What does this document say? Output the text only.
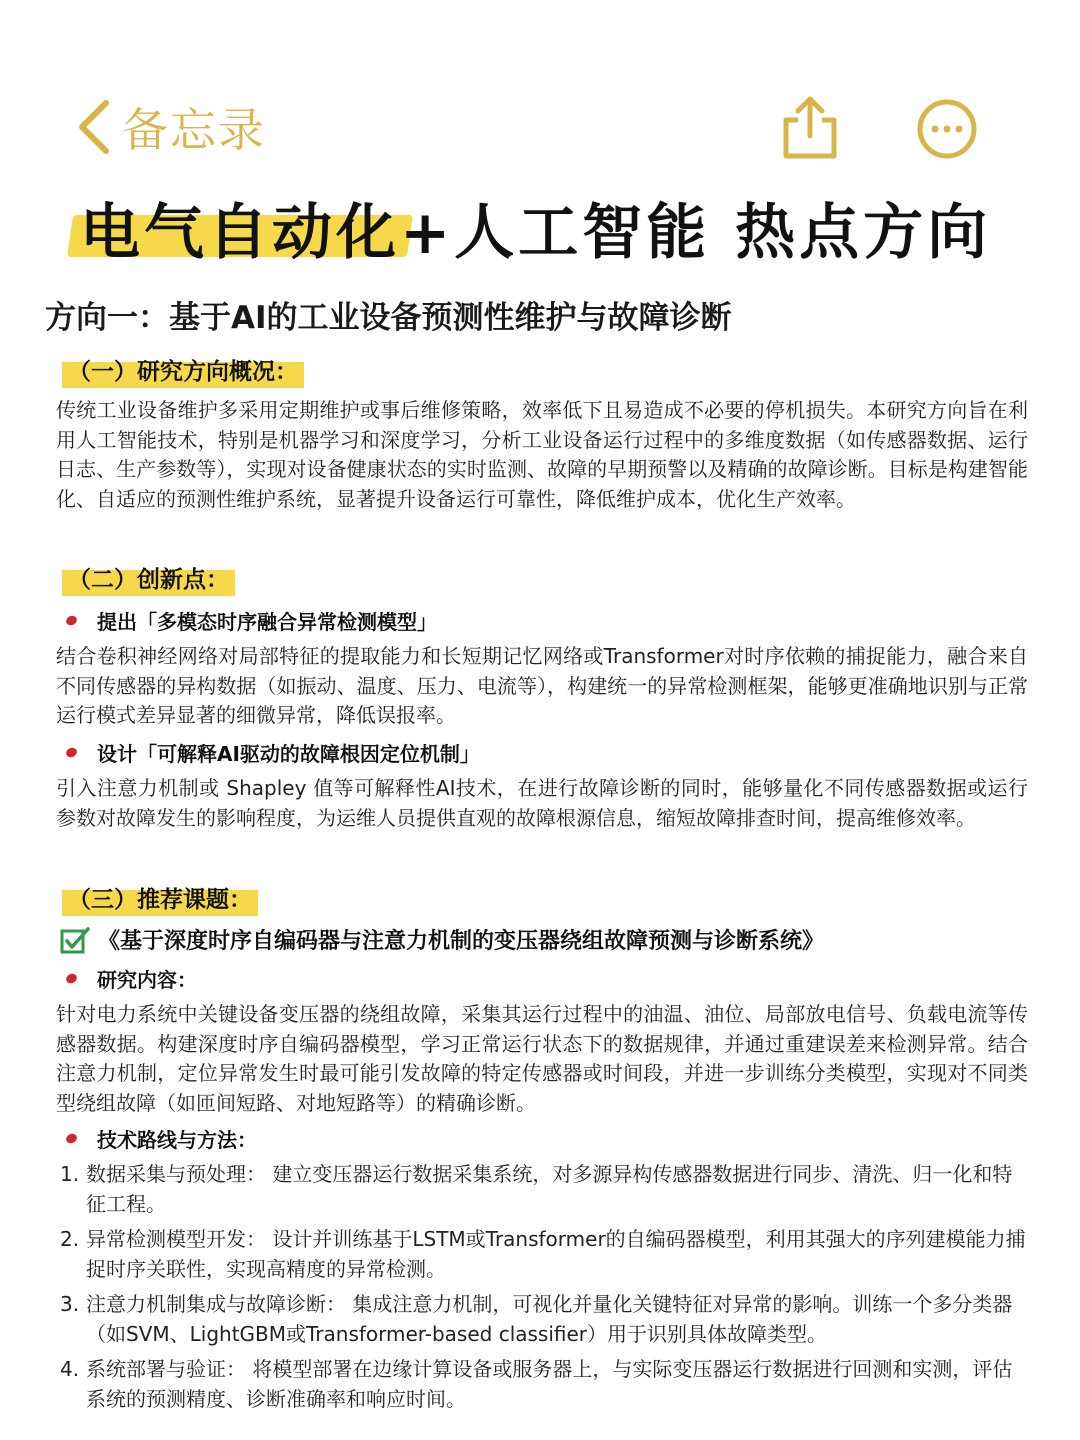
备忘录
电气自动化+人工智能 热点方向
方向一：基于AI的工业设备预测性维护与故障诊断
（一）研究方向概况：
传统工业设备维护多采用定期维护或事后维修策略，效率低下且易造成不必要的停机损失。本研究方向旨在利用人工智能技术，特别是机器学习和深度学习，分析工业设备运行过程中的多维度数据（如传感器数据、运行日志、生产参数等），实现对设备健康状态的实时监测、故障的早期预警以及精确的故障诊断。目标是构建智能化、自适应的预测性维护系统，显著提升设备运行可靠性，降低维护成本，优化生产效率。
（二）创新点：
提出「多模态时序融合异常检测模型」
结合卷积神经网络对局部特征的提取能力和长短期记忆网络或Transformer对时序依赖的捕捉能力，融合来自不同传感器的异构数据（如振动、温度、压力、电流等），构建统一的异常检测框架，能够更准确地识别与正常运行模式差异显著的细微异常，降低误报率。
设计「可解释AI驱动的故障根因定位机制」
引入注意力机制或 Shapley 值等可解释性AI技术，在进行故障诊断的同时，能够量化不同传感器数据或运行参数对故障发生的影响程度，为运维人员提供直观的故障根源信息，缩短故障排查时间，提高维修效率。
（三）推荐课题：
《基于深度时序自编码器与注意力机制的变压器绕组故障预测与诊断系统》
研究内容：
针对电力系统中关键设备变压器的绕组故障，采集其运行过程中的油温、油位、局部放电信号、负载电流等传感器数据。构建深度时序自编码器模型，学习正常运行状态下的数据规律，并通过重建误差来检测异常。结合注意力机制，定位异常发生时最可能引发故障的特定传感器或时间段，并进一步训练分类模型，实现对不同类型绕组故障（如匝间短路、对地短路等）的精确诊断。
技术路线与方法：
1. 数据采集与预处理： 建立变压器运行数据采集系统，对多源异构传感器数据进行同步、清洗、归一化和特征工程。
2. 异常检测模型开发： 设计并训练基于LSTM或Transformer的自编码器模型，利用其强大的序列建模能力捕捉时序关联性，实现高精度的异常检测。
3. 注意力机制集成与故障诊断： 集成注意力机制，可视化并量化关键特征对异常的影响。训练一个多分类器（如SVM、LightGBM或Transformer-based classifier）用于识别具体故障类型。
4. 系统部署与验证： 将模型部署在边缘计算设备或服务器上，与实际变压器运行数据进行回测和实测，评估系统的预测精度、诊断准确率和响应时间。
